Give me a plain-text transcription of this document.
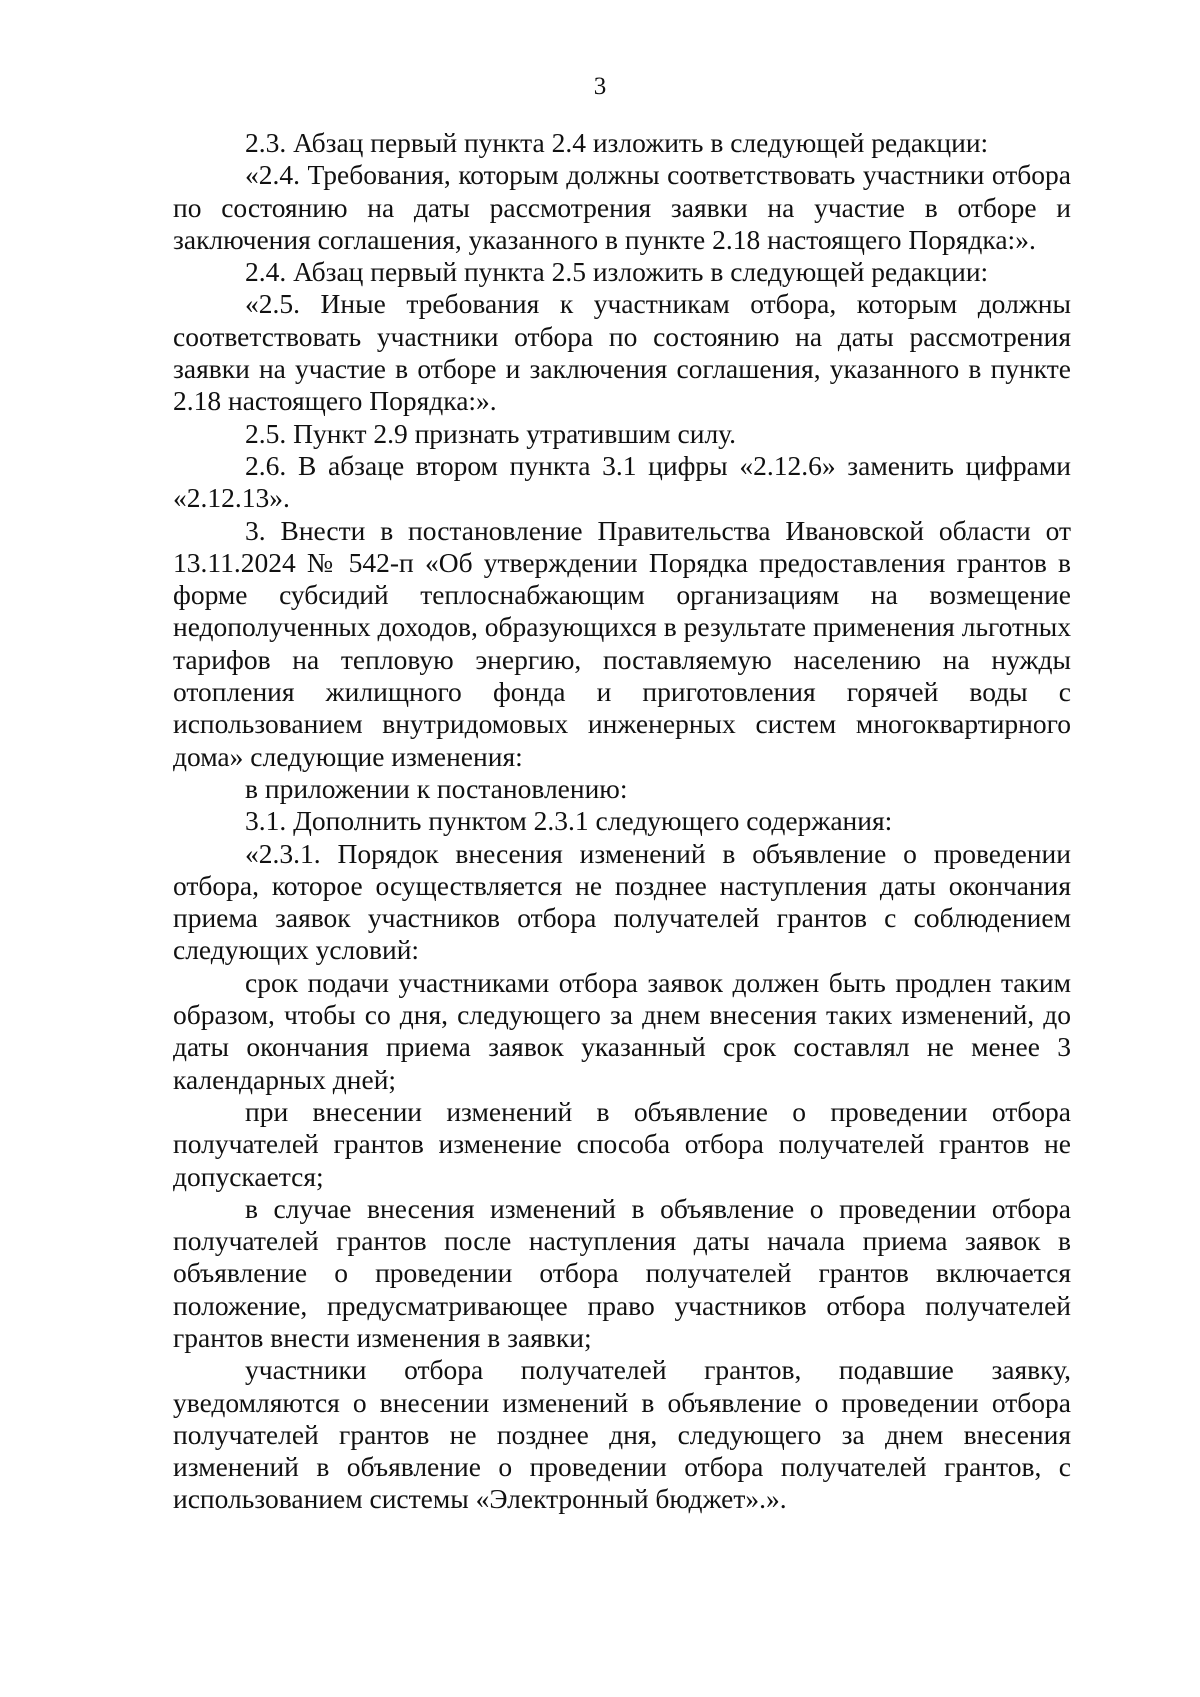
3

2.3. Абзац первый пункта 2.4 изложить в следующей редакции:

«2.4. Требования, которым должны соответствовать участники отбора по состоянию на даты рассмотрения заявки на участие в отборе и заключения соглашения, указанного в пункте 2.18 настоящего Порядка:».

2.4. Абзац первый пункта 2.5 изложить в следующей редакции:

«2.5. Иные требования к участникам отбора, которым должны соответствовать участники отбора по состоянию на даты рассмотрения заявки на участие в отборе и заключения соглашения, указанного в пункте 2.18 настоящего Порядка:».

2.5. Пункт 2.9 признать утратившим силу.

2.6. В абзаце втором пункта 3.1 цифры «2.12.6» заменить цифрами «2.12.13».

3. Внести в постановление Правительства Ивановской области от 13.11.2024 № 542-п «Об утверждении Порядка предоставления грантов в форме субсидий теплоснабжающим организациям на возмещение недополученных доходов, образующихся в результате применения льготных тарифов на тепловую энергию, поставляемую населению на нужды отопления жилищного фонда и приготовления горячей воды с использованием внутридомовых инженерных систем многоквартирного дома» следующие изменения:

в приложении к постановлению:

3.1. Дополнить пунктом 2.3.1 следующего содержания:

«2.3.1. Порядок внесения изменений в объявление о проведении отбора, которое осуществляется не позднее наступления даты окончания приема заявок участников отбора получателей грантов с соблюдением следующих условий:

срок подачи участниками отбора заявок должен быть продлен таким образом, чтобы со дня, следующего за днем внесения таких изменений, до даты окончания приема заявок указанный срок составлял не менее 3 календарных дней;

при внесении изменений в объявление о проведении отбора получателей грантов изменение способа отбора получателей грантов не допускается;

в случае внесения изменений в объявление о проведении отбора получателей грантов после наступления даты начала приема заявок в объявление о проведении отбора получателей грантов включается положение, предусматривающее право участников отбора получателей грантов внести изменения в заявки;

участники отбора получателей грантов, подавшие заявку, уведомляются о внесении изменений в объявление о проведении отбора получателей грантов не позднее дня, следующего за днем внесения изменений в объявление о проведении отбора получателей грантов, с использованием системы «Электронный бюджет».».
